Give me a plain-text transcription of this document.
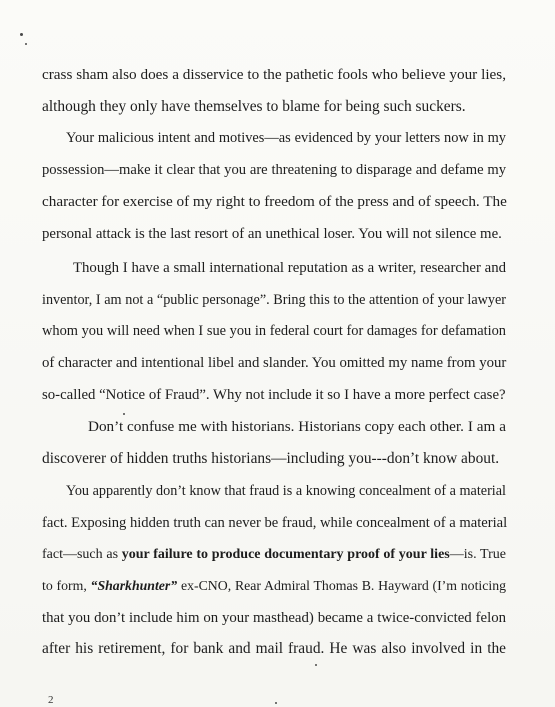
crass sham also does a disservice to the pathetic fools who believe your lies,
although they only have themselves to blame for being such suckers.
Your malicious intent and motives—as evidenced by your letters now in my
possession—make it clear that you are threatening to disparage and defame my
character for exercise of my right to freedom of the press and of speech. The
personal attack is the last resort of an unethical loser. You will not silence me.
Though I have a small international reputation as a writer, researcher and
inventor, I am not a “public personage”. Bring this to the attention of your lawyer
whom you will need when I sue you in federal court for damages for defamation
of character and intentional libel and slander. You omitted my name from your
so-called “Notice of Fraud”. Why not include it so I have a more perfect case?
Don’t confuse me with historians. Historians copy each other. I am a
discoverer of hidden truths historians—including you---don’t know about.
You apparently don’t know that fraud is a knowing concealment of a material
fact. Exposing hidden truth can never be fraud, while concealment of a material
fact—such as your failure to produce documentary proof of your lies—is. True
to form, “Sharkhunter” ex-CNO, Rear Admiral Thomas B. Hayward (I’m noticing
that you don’t include him on your masthead) became a twice-convicted felon
after his retirement, for bank and mail fraud. He was also involved in the
2
